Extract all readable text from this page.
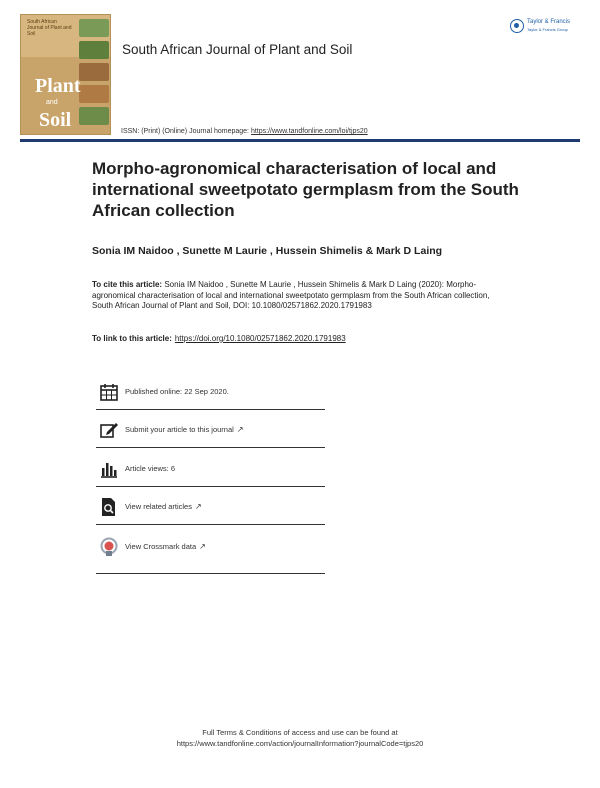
South African Journal of Plant and Soil
Plant
and
Soil
South African Journal of Plant and Soil
ISSN: (Print) (Online) Journal homepage: https://www.tandfonline.com/loi/tjps20
Taylor & Francis
Taylor & Francis Group
Morpho-agronomical characterisation of local and international sweetpotato germplasm from the South African collection
Sonia IM Naidoo , Sunette M Laurie , Hussein Shimelis & Mark D Laing
To cite this article: Sonia IM Naidoo , Sunette M Laurie , Hussein Shimelis & Mark D Laing (2020): Morpho-agronomical characterisation of local and international sweetpotato germplasm from the South African collection, South African Journal of Plant and Soil, DOI: 10.1080/02571862.2020.1791983
To link to this article: https://doi.org/10.1080/02571862.2020.1791983
Published online: 22 Sep 2020.
Submit your article to this journal ↗
Article views: 6
View related articles ↗
View Crossmark data ↗
Full Terms & Conditions of access and use can be found at
https://www.tandfonline.com/action/journalInformation?journalCode=tjps20
